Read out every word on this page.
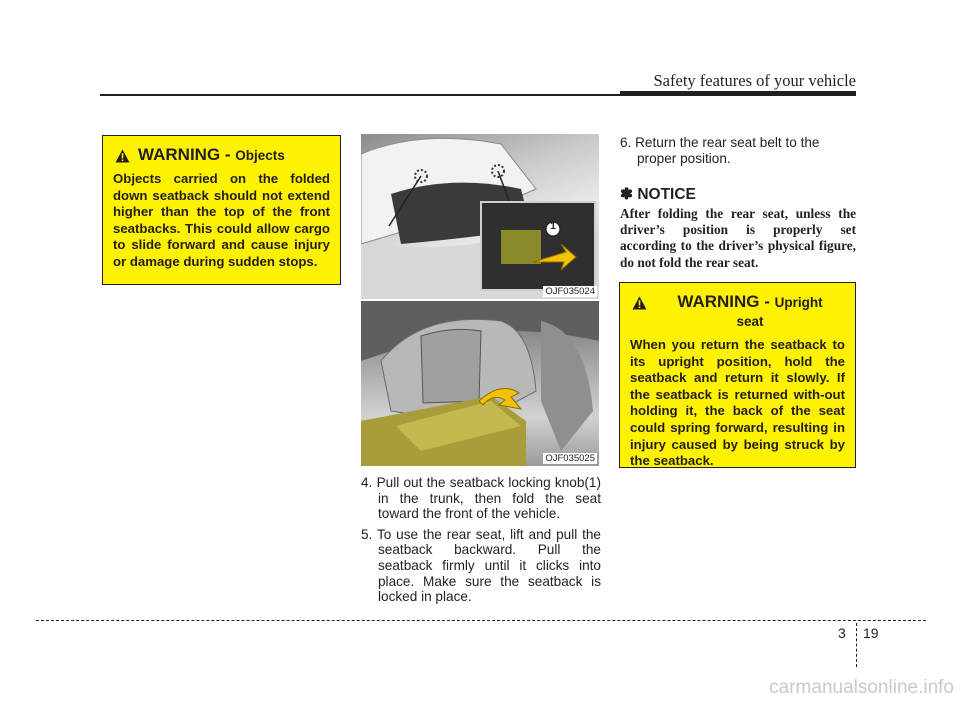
Safety features of your vehicle
WARNING - Objects
Objects carried on the folded down seatback should not extend higher than the top of the front seatbacks. This could allow cargo to slide forward and cause injury or damage during sudden stops.
1
OJF035024
OJF035025

4. Pull out the seatback locking knob(1) in the trunk, then fold the seat toward the front of the vehicle.

5. To use the rear seat, lift and pull the seatback backward. Pull the seatback firmly until it clicks into place. Make sure the seatback is locked in place.

6. Return the rear seat belt to the proper position.

✽ NOTICE

After folding the rear seat, unless the driver’s position is properly set according to the driver’s physical figure, do not fold the rear seat.

WARNING - Upright
seat
When you return the seatback to its upright position, hold the seatback and return it slowly. If the seatback is returned with-out holding it, the back of the seat could spring forward, resulting in injury caused by being struck by the seatback.
3 19
carmanualsonline.info
